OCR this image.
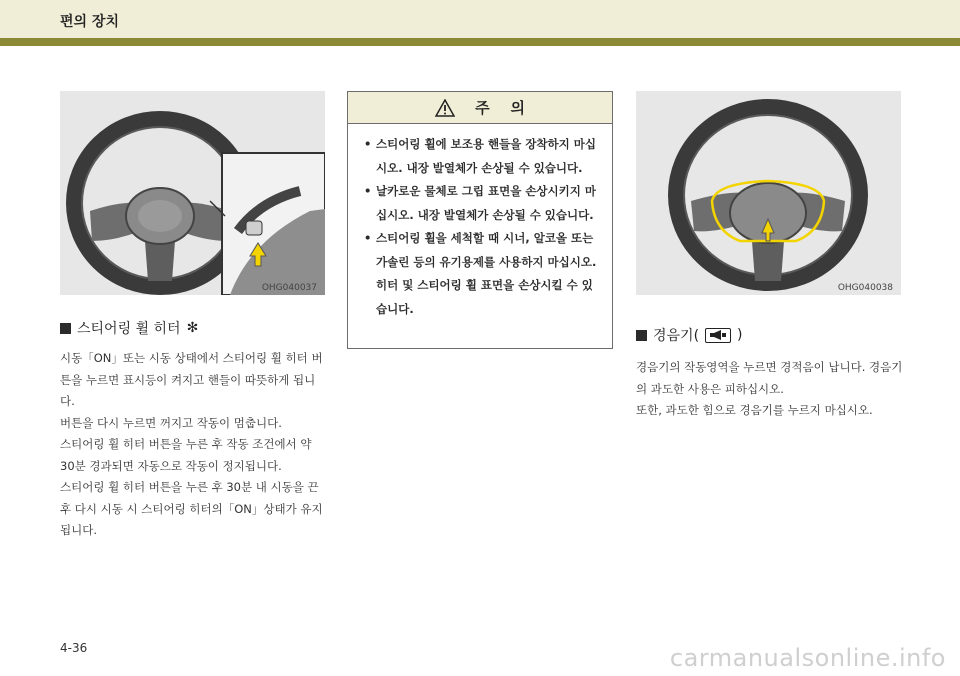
편의 장치
OHG040037	OHG040038
스티어링 휠 히터 ✻

시동「ON」또는 시동 상태에서 스티어링 휠 히터 버튼을 누르면 표시등이 켜지고 핸들이 따뜻하게 됩니다.

버튼을 다시 누르면 꺼지고 작동이 멈춥니다.

스티어링 휠 히터 버튼을 누른 후 작동 조건에서 약 30분 경과되면 자동으로 작동이 정지됩니다.

스티어링 휠 히터 버튼을 누른 후 30분 내 시동을 끈 후 다시 시동 시 스티어링 히터의「ON」상태가 유지됩니다.

주    의
• 스티어링 휠에 보조용 핸들을 장착하지 마십시오. 내장 발열체가 손상될 수 있습니다.
• 날카로운 물체로 그립 표면을 손상시키지 마십시오. 내장 발열체가 손상될 수 있습니다.
• 스티어링 휠을 세척할 때 시너, 알코올 또는 가솔린 등의 유기용제를 사용하지 마십시오. 히터 및 스티어링 휠 표면을 손상시킬 수 있습니다.
경음기(	)

경음기의 작동영역을 누르면 경적음이 납니다. 경음기의 과도한 사용은 피하십시오.

또한, 과도한 힘으로 경음기를 누르지 마십시오.

4-36	carmanualsonline.info
